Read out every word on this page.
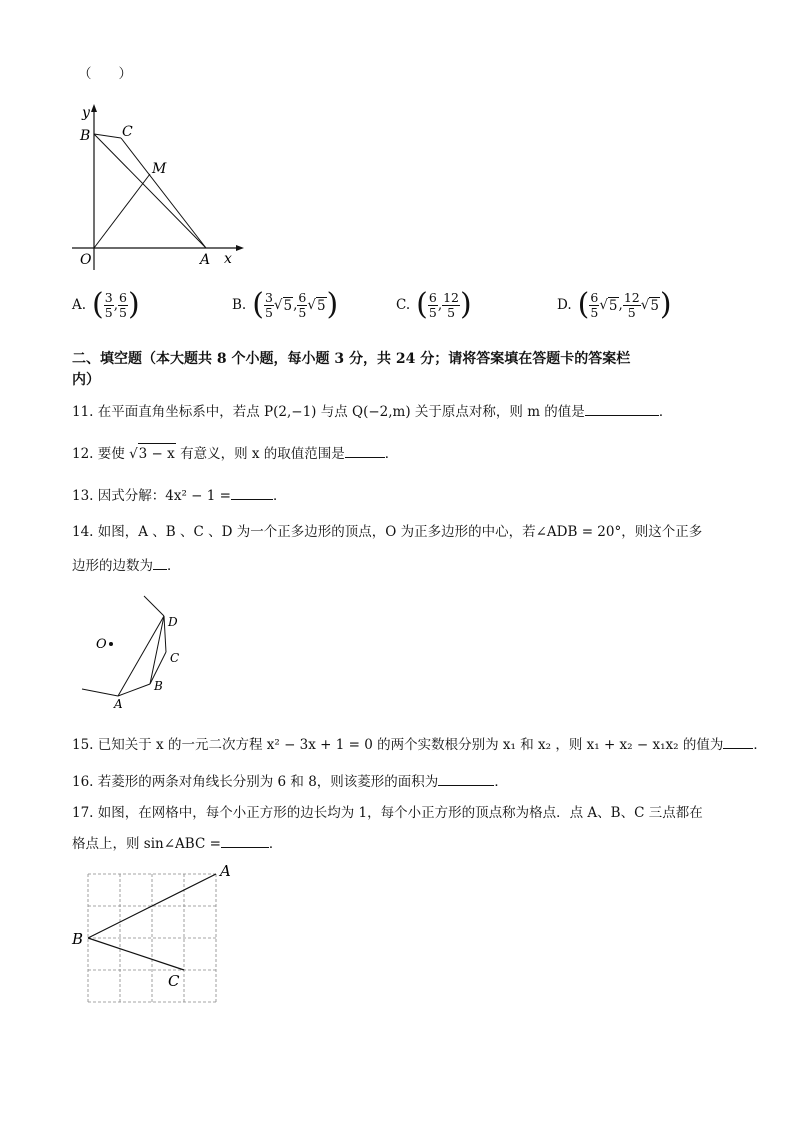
（　　）
y
x
O	A
B C
M
A. ( $\frac{3}{5}$ , $\frac{6}{5}$ )	B. ( $\frac{3}{5}$ √ 5 , $\frac{6}{5}$ √ 5 )	C. ( $\frac{6}{5}$ , $\frac{12}{5}$ )	D. ( $\frac{6}{5}$ √ 5 , $\frac{12}{5}$ √ 5 )
二、填空题（本大题共 8 个小题，每小题 3 分，共 24 分；请将答案填在答题卡的答案栏
内）
11. 在平面直角坐标系中，若点 P(2,−1) 与点 Q(−2,m) 关于原点对称，则 m 的值是	．
12. 要使 √3 − x 有意义，则 x 的取值范围是	．
13. 因式分解：4x² − 1 =	．
14. 如图，A 、B 、C 、D 为一个正多边形的顶点，O 为正多边形的中心，若∠ADB = 20°，则这个正多
边形的边数为 ．
O
A
B
C
D
15. 已知关于 x 的一元二次方程 x² − 3x + 1 = 0 的两个实数根分别为 x₁ 和 x₂ ，则 x₁ + x₂ − x₁x₂ 的值为 ．
16. 若菱形的两条对角线长分别为 6 和 8，则该菱形的面积为	．
17. 如图，在网格中，每个小正方形的边长均为 1，每个小正方形的顶点称为格点．点 A、B、C 三点都在
格点上，则 sin∠ABC =	．
A
B
C
